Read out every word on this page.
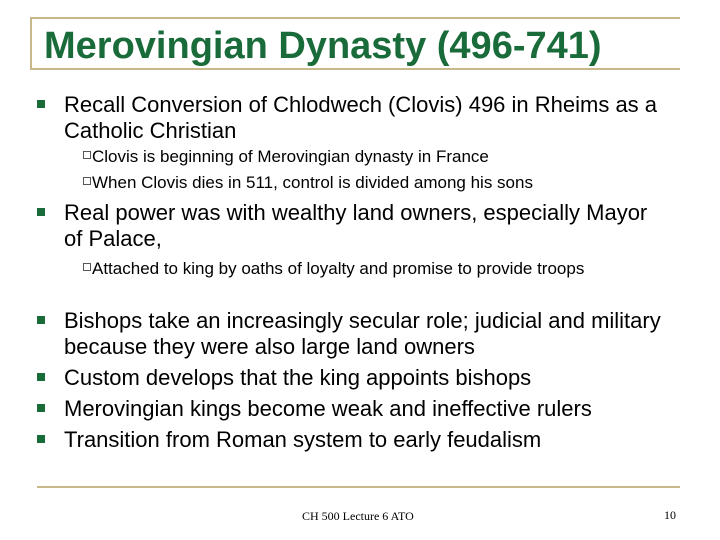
Merovingian Dynasty (496-741)
Recall Conversion of Chlodwech (Clovis) 496 in Rheims as a Catholic Christian
Clovis is beginning of Merovingian dynasty in France
When Clovis dies in 511, control is divided among his sons
Real power was with wealthy land owners, especially Mayor of Palace,
Attached to king by oaths of loyalty and promise to provide troops
Bishops take an increasingly secular role; judicial and military because they were also large land owners
Custom develops that the king appoints bishops
Merovingian kings become weak and ineffective rulers
Transition from Roman system to early feudalism
CH 500 Lecture 6 ATO	10
